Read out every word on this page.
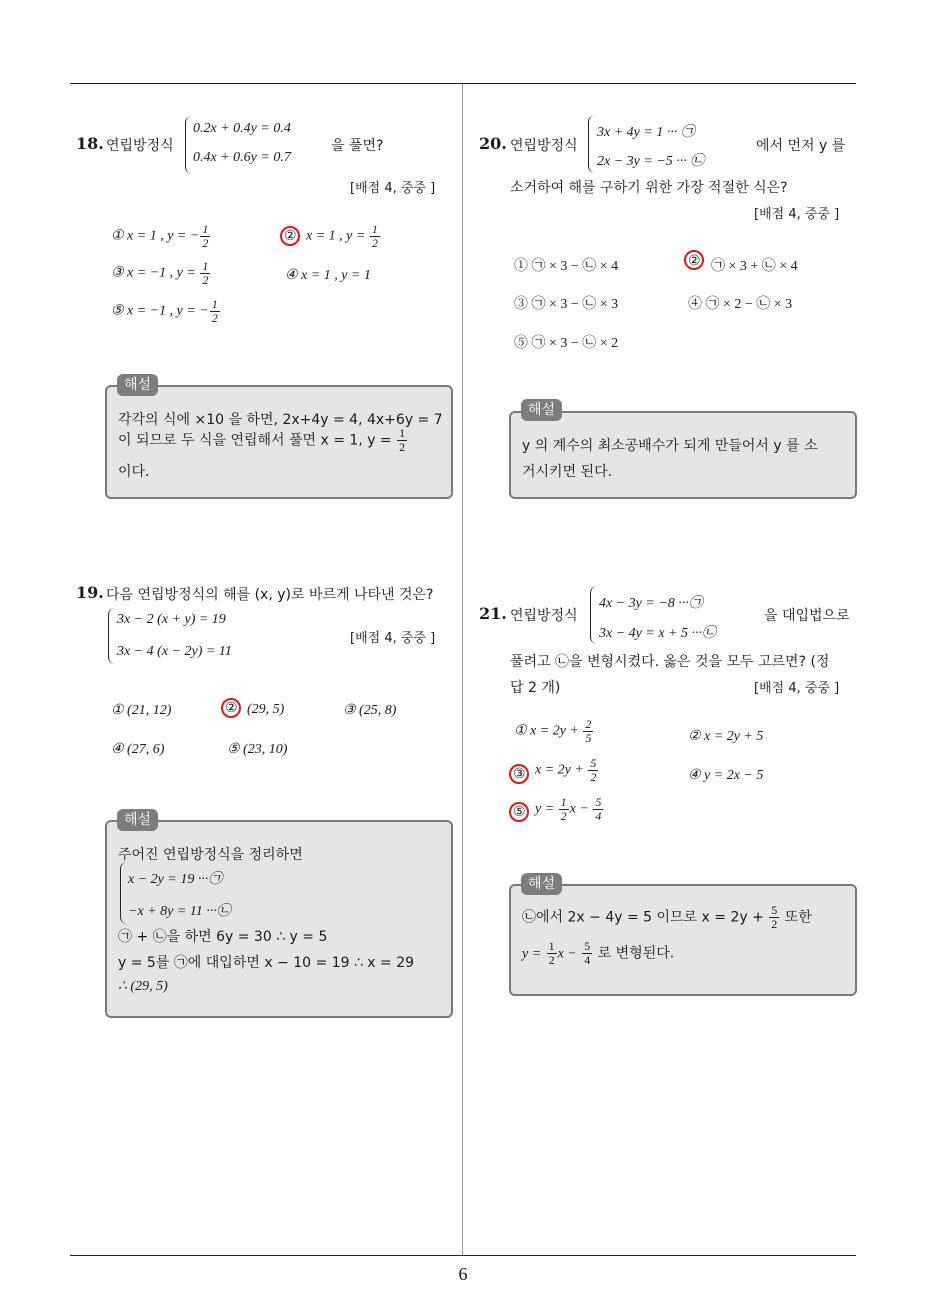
18. 연립방정식
0.2x + 0.4y = 0.4
0.4x + 0.6y = 0.7
을 풀면?
[배점 4, 중중 ]
① x = 1 , y = − $\frac{1}{2}$	② x = 1 , $y = \frac{1}{2}$
③ x = −1 , $y = \frac{1}{2}$	④ x = 1 , y = 1
⑤ x = −1 , y = − $\frac{1}{2}$
각각의 식에 ×10 을 하면, 2x+4y = 4, 4x+6y = 7
이 되므로 두 식을 연립해서 풀면 x = 1, $y = \frac{1}{2}$
이다.
해설
19. 다음 연립방정식의 해를 (x, y)로 바르게 나타낸 것은?
3x − 2 (x + y) = 19
3x − 4 (x − 2y) = 11
[배점 4, 중중 ]
① (21, 12)	② (29, 5)	③ (25, 8)
④ (27, 6)	⑤ (23, 10)
주어진 연립방정식을 정리하면
x − 2y = 19 ···㉠
−x + 8y = 11 ···㉡
㉠ + ㉡을 하면 6y = 30 ∴ y = 5
y = 5를 ㉠에 대입하면 x − 10 = 19 ∴ x = 29
∴ (29, 5)
해설
20. 연립방정식
3x + 4y = 1 ··· ㉠
2x − 3y = −5 ··· ㉡
에서 먼저 y 를
소거하여 해를 구하기 위한 가장 적절한 식은?
[배점 4, 중중 ]
① ㉠ × 3 − ㉡ × 4	② ㉠ × 3 + ㉡ × 4
③ ㉠ × 3 − ㉡ × 3	④ ㉠ × 2 − ㉡ × 3
⑤ ㉠ × 3 − ㉡ × 2
y 의 계수의 최소공배수가 되게 만들어서 y 를 소
거시키면 된다.
해설
21. 연립방정식
4x − 3y = −8 ···㉠
3x − 4y = x + 5 ···㉡
을 대입법으로
풀려고 ㉡을 변형시켰다. 옳은 것을 모두 고르면? (정
답 2 개)	[배점 4, 중중 ]
① $x = 2y + \frac{2}{5}$	② x = 2y + 5
③ $x = 2y + \frac{5}{2}$	④ y = 2x − 5
⑤ $y = \frac{1}{2}$ $x - \frac{5}{4}$
㉡에서 2x − 4y = 5 이므로 $x = 2y + \frac{5}{2}$ 또한
$y = \frac{1}{2}$ $x - \frac{5}{4}$ 로 변형된다.
해설
6
